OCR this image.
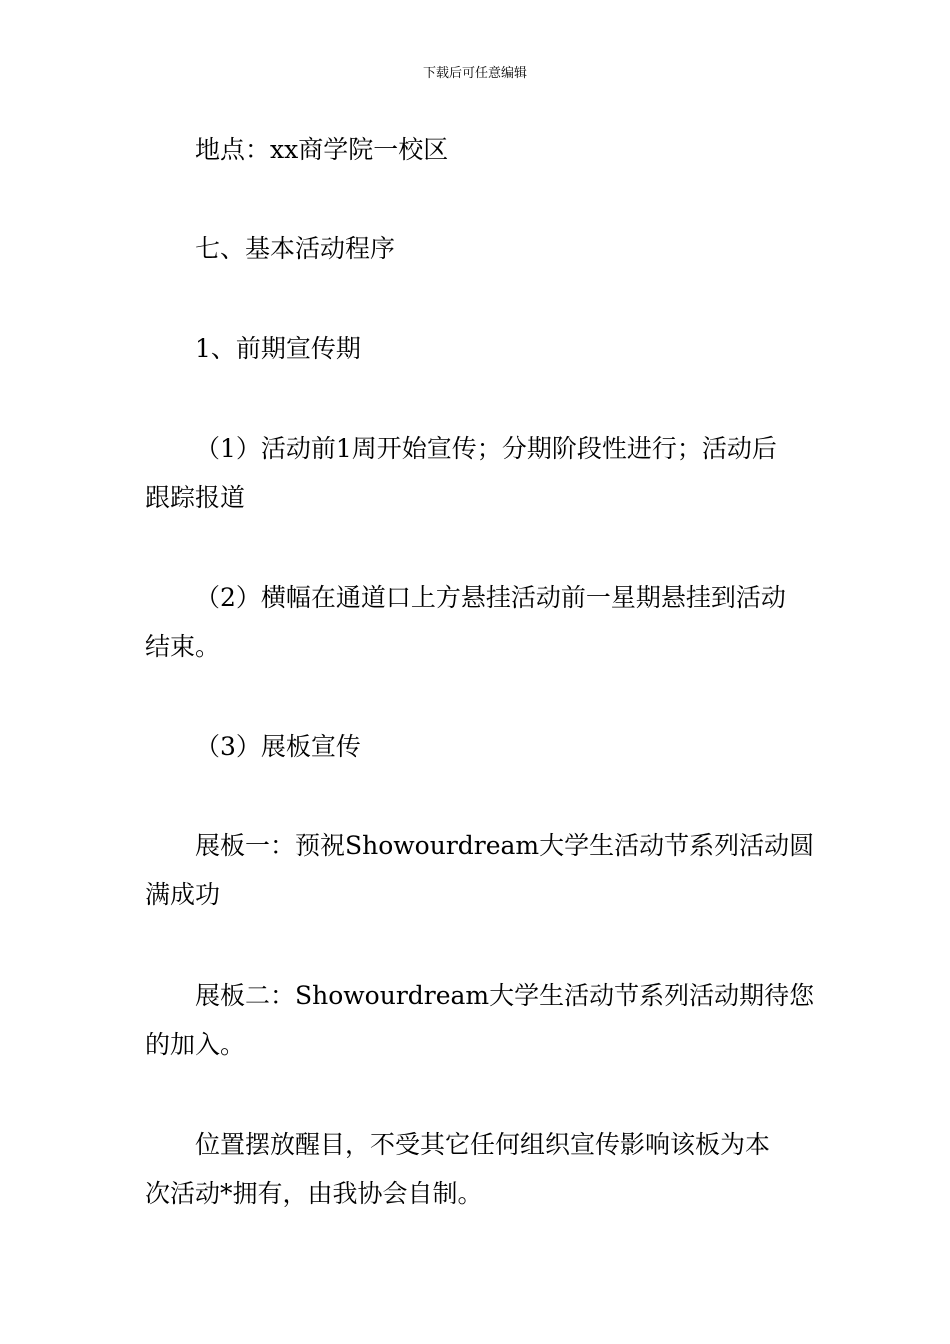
下载后可任意编辑

地点：xx商学院一校区

七、基本活动程序

1、前期宣传期

（1）活动前1周开始宣传；分期阶段性进行；活动后
跟踪报道

（2）横幅在通道口上方悬挂活动前一星期悬挂到活动
结束。

（3）展板宣传

展板一：预祝Showourdream大学生活动节系列活动圆
满成功

展板二：Showourdream大学生活动节系列活动期待您
的加入。

位置摆放醒目，不受其它任何组织宣传影响该板为本
次活动*拥有，由我协会自制。
